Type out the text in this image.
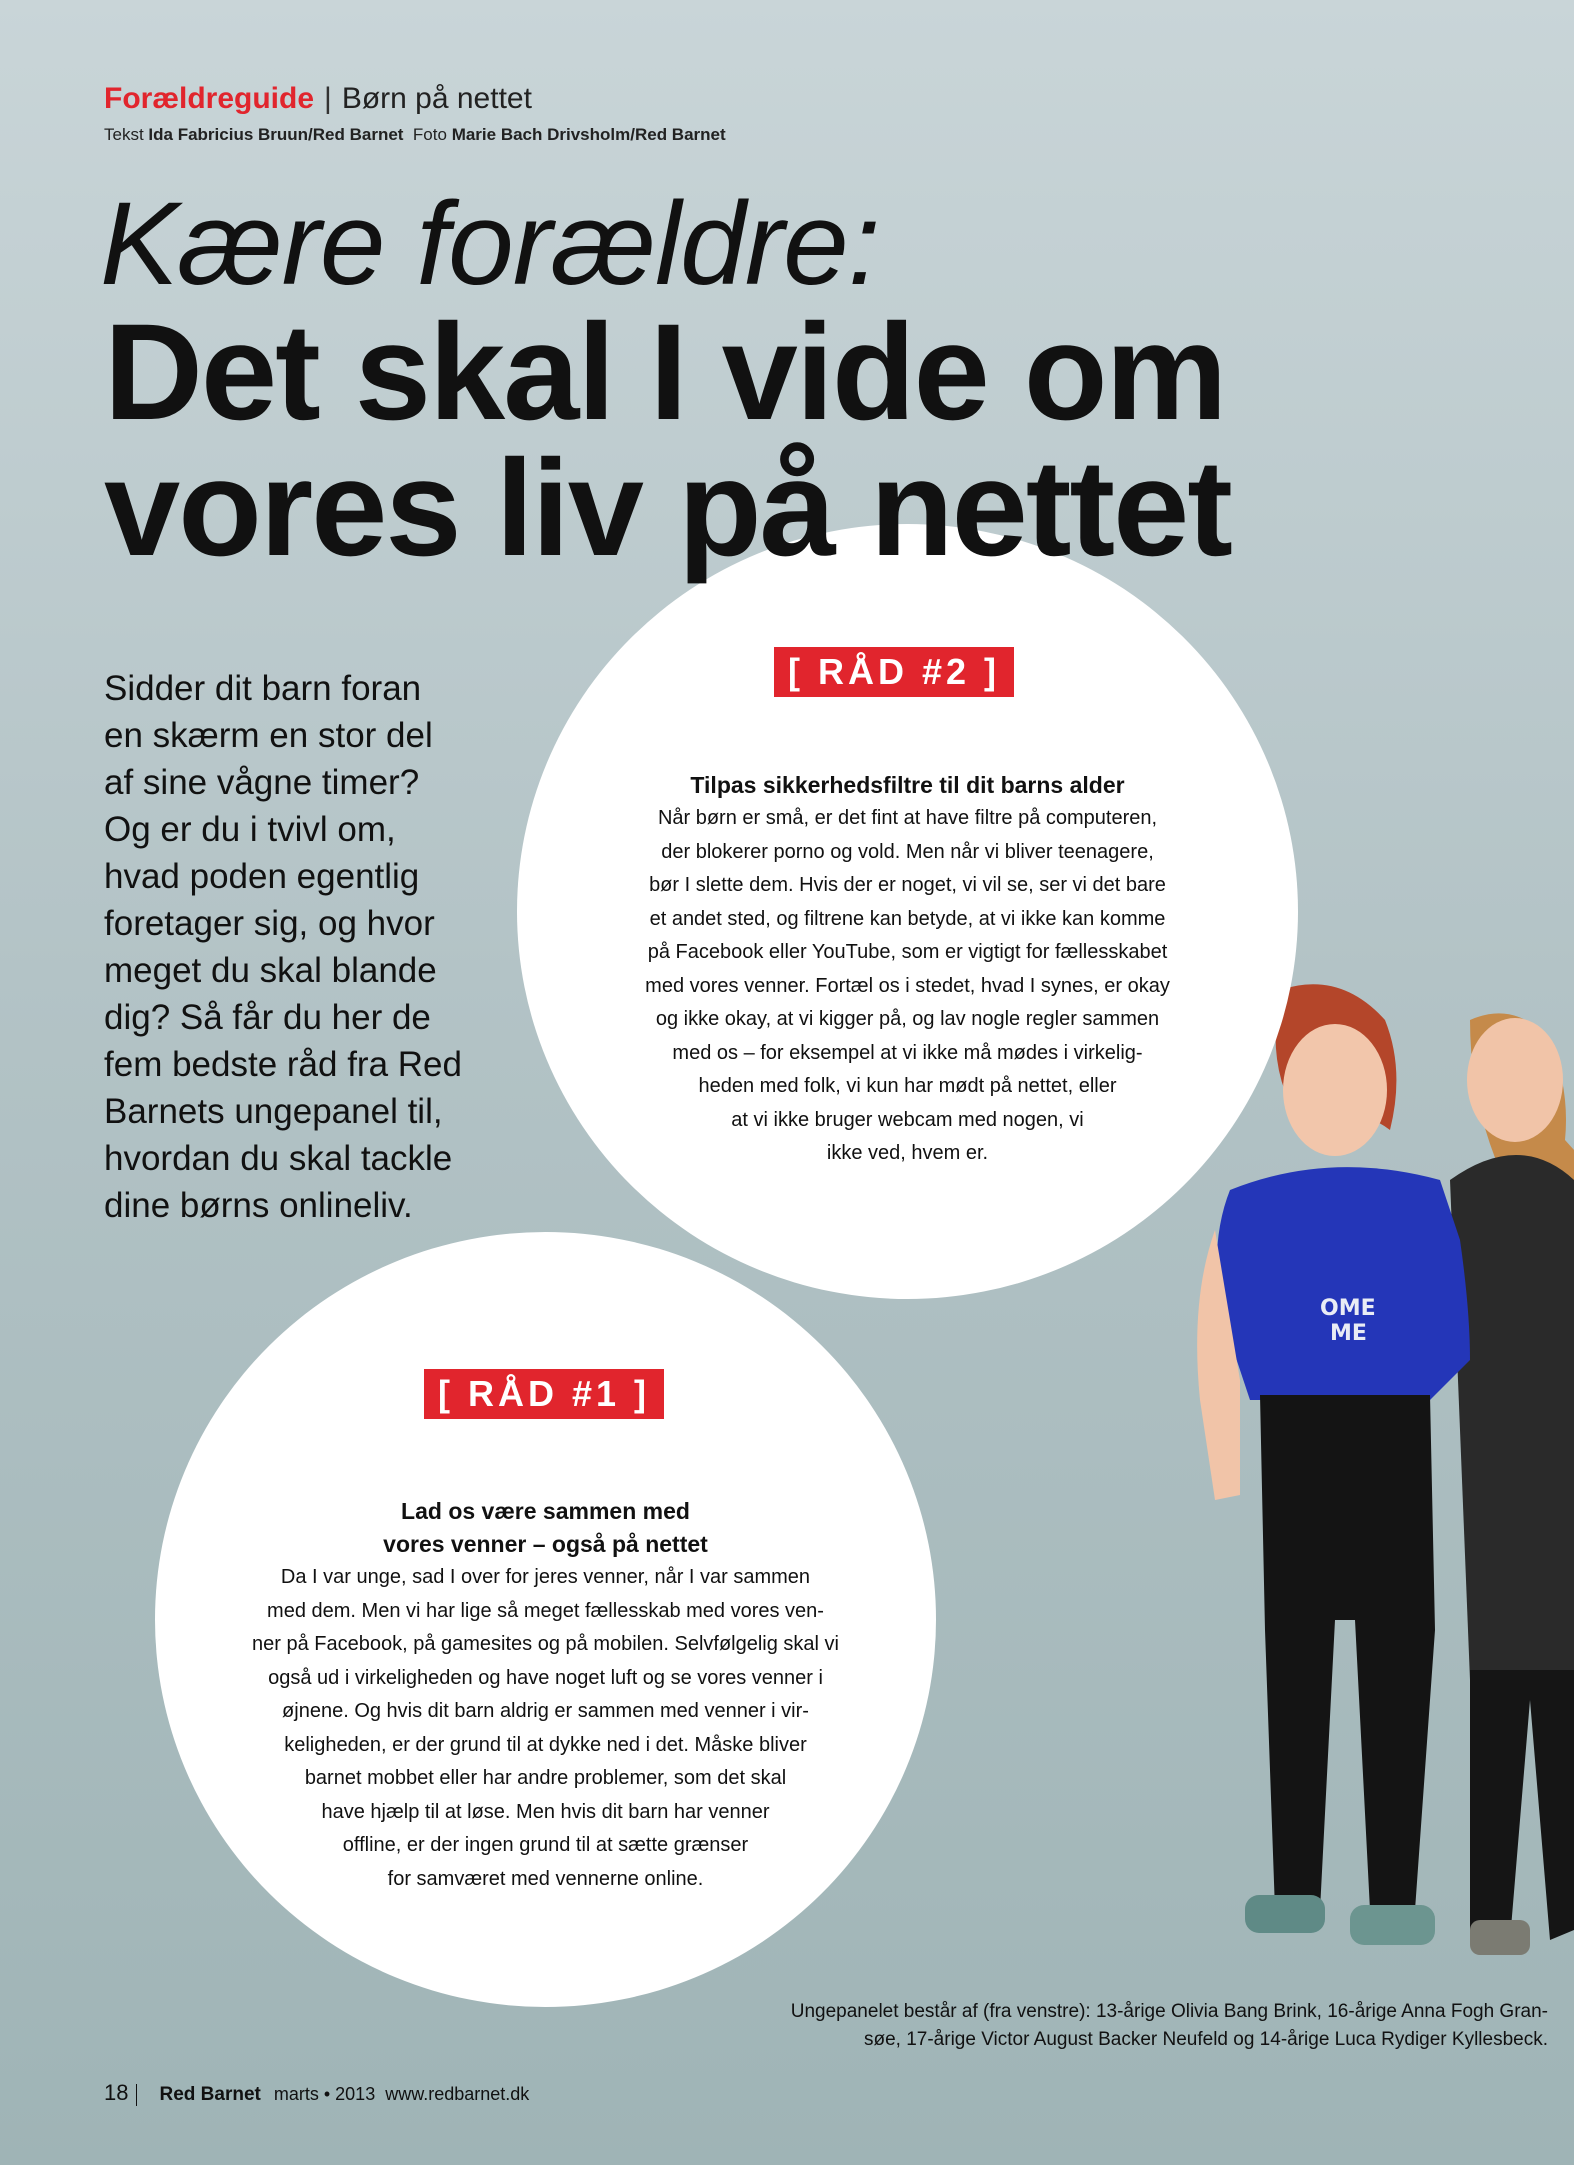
Forældreguide | Børn på nettet
Tekst Ida Fabricius Bruun/Red Barnet Foto Marie Bach Drivsholm/Red Barnet
Kære forældre:
Det skal I vide om
vores liv på nettet
OME
ME
[ RÅD #2 ]
Tilpas sikkerhedsfiltre til dit barns alder
Når børn er små, er det fint at have filtre på computeren,
der blokerer porno og vold. Men når vi bliver teenagere,
bør I slette dem. Hvis der er noget, vi vil se, ser vi det bare
et andet sted, og filtrene kan betyde, at vi ikke kan komme
på Facebook eller YouTube, som er vigtigt for fællesskabet
med vores venner. Fortæl os i stedet, hvad I synes, er okay
og ikke okay, at vi kigger på, og lav nogle regler sammen
med os – for eksempel at vi ikke må mødes i virkelig-
heden med folk, vi kun har mødt på nettet, eller
at vi ikke bruger webcam med nogen, vi
ikke ved, hvem er.
[ RÅD #1 ]
Lad os være sammen med
vores venner – også på nettet
Da I var unge, sad I over for jeres venner, når I var sammen
med dem. Men vi har lige så meget fællesskab med vores ven-
ner på Facebook, på gamesites og på mobilen. Selvfølgelig skal vi
også ud i virkeligheden og have noget luft og se vores venner i
øjnene. Og hvis dit barn aldrig er sammen med venner i vir-
keligheden, er der grund til at dykke ned i det. Måske bliver
barnet mobbet eller har andre problemer, som det skal
have hjælp til at løse. Men hvis dit barn har venner
offline, er der ingen grund til at sætte grænser
for samværet med vennerne online.
Sidder dit barn foran
en skærm en stor del
af sine vågne timer?
Og er du i tvivl om,
hvad poden egentlig
foretager sig, og hvor
meget du skal blande
dig? Så får du her de
fem bedste råd fra Red
Barnets ungepanel til,
hvordan du skal tackle
dine børns onlineliv.
Ungepanelet består af (fra venstre): 13-årige Olivia Bang Brink, 16-årige Anna Fogh Gran-
søe, 17-årige Victor August Backer Neufeld og 14-årige Luca Rydiger Kyllesbeck.
18 Red Barnet marts • 2013 www.redbarnet.dk
